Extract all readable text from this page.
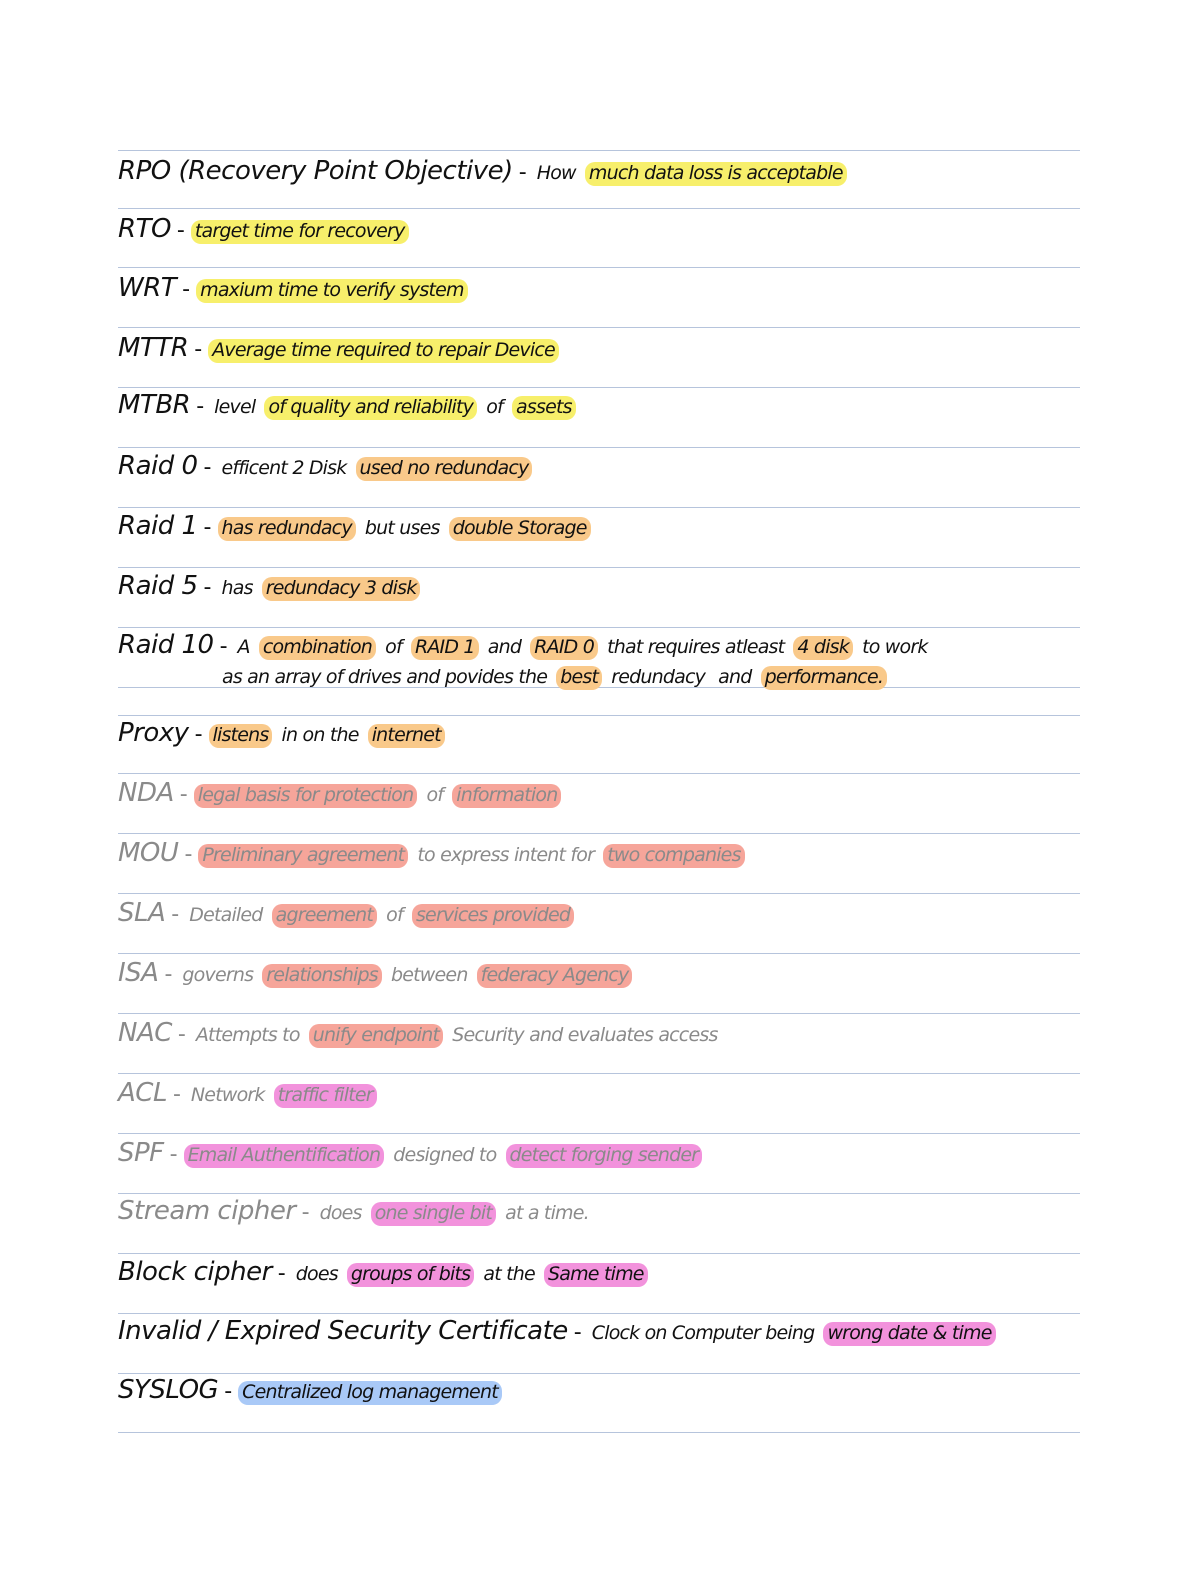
RPO (Recovery Point Objective) - How much data loss is acceptable
RTO - target time for recovery
WRT - maxium time to verify system
MTTR - Average time required to repair Device
MTBR - level of quality and reliability of assets
Raid 0 - efficent 2 Disk used no redundacy
Raid 1 - has redundacy but uses double Storage
Raid 5 - has redundacy 3 disk
Raid 10 - A combination of RAID 1 and RAID 0 that requires atleast 4 disk to work
as an array of drives and povides the best redundacy and performance.
Proxy - listens in on the internet
NDA - legal basis for protection of information
MOU - Preliminary agreement to express intent for two companies
SLA - Detailed agreement of services provided
ISA - governs relationships between federacy Agency
NAC - Attempts to unify endpoint Security and evaluates access
ACL - Network traffic filter
SPF - Email Authentification designed to detect forging sender
Stream cipher - does one single bit at a time.
Block cipher - does groups of bits at the Same time
Invalid / Expired Security Certificate - Clock on Computer being wrong date & time
SYSLOG - Centralized log management
